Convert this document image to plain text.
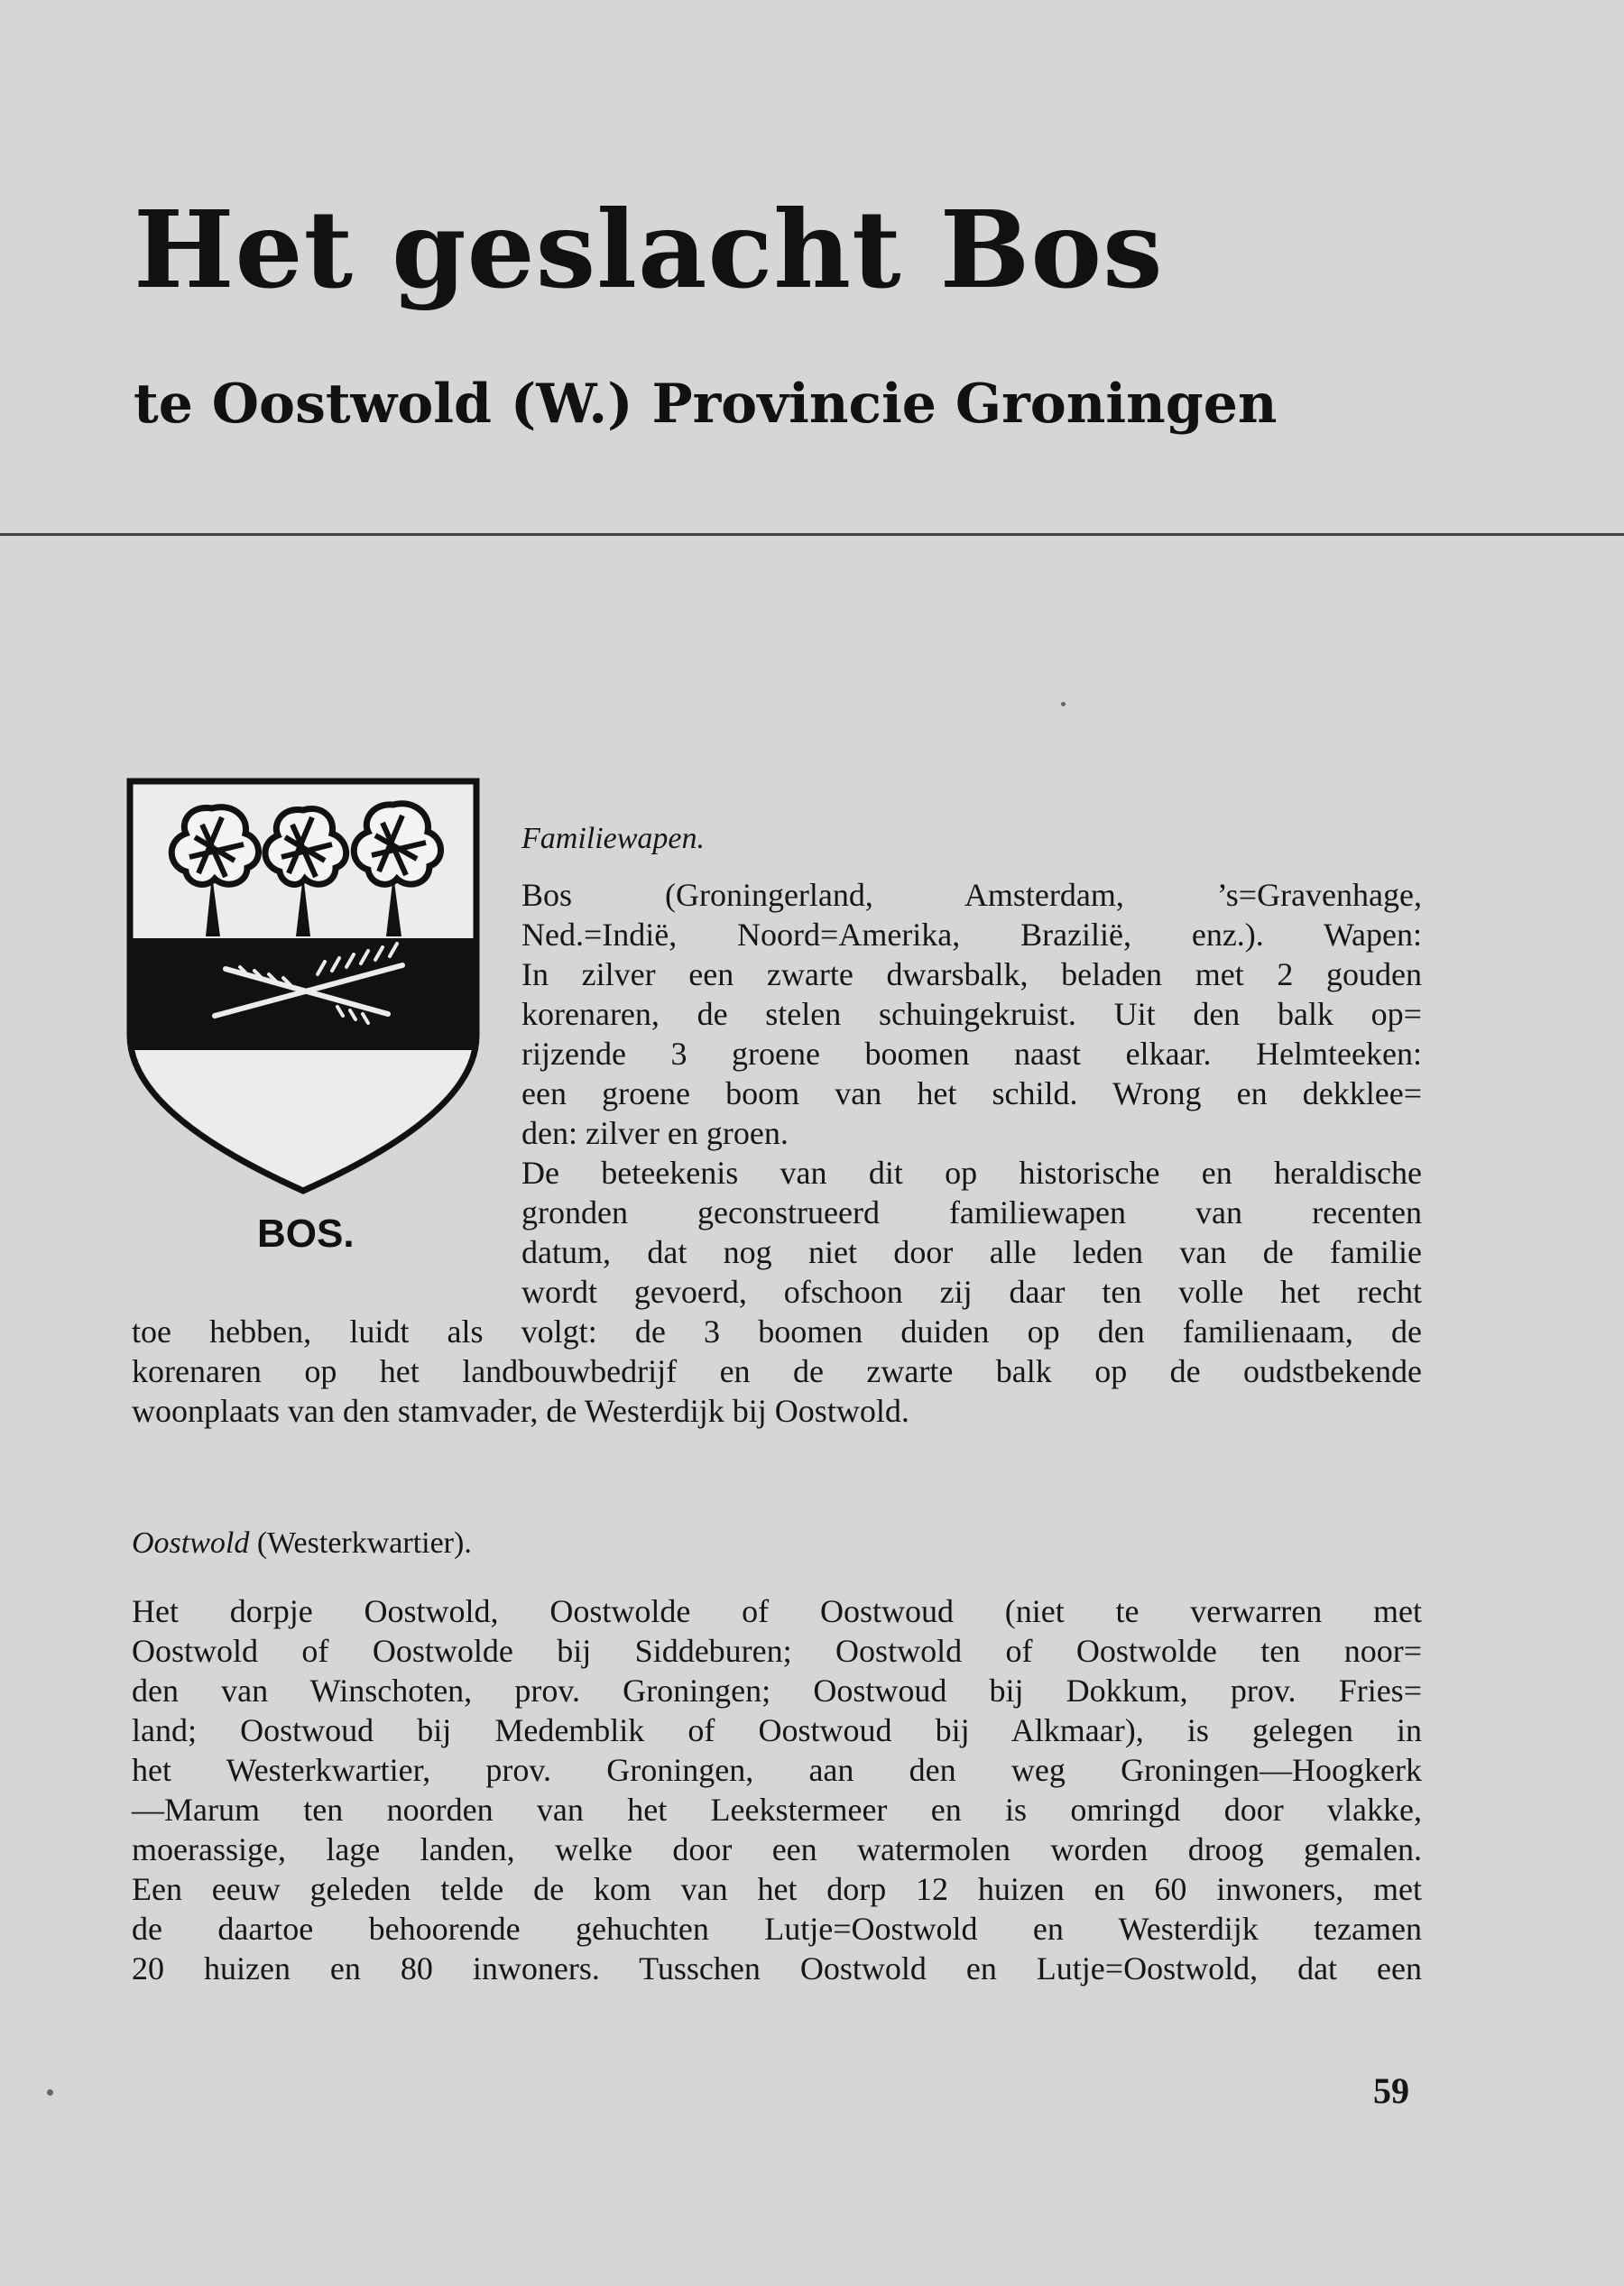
Het geslacht Bos
te Oostwold (W.) Provincie Groningen
BOS.
Familiewapen.
Bos (Groningerland, Amsterdam, ’s=Gravenhage,
Ned.=Indië, Noord=Amerika, Brazilië, enz.). Wapen:
In zilver een zwarte dwarsbalk, beladen met 2 gouden
korenaren, de stelen schuingekruist. Uit den balk op=
rijzende 3 groene boomen naast elkaar. Helmteeken:
een groene boom van het schild. Wrong en dekklee=
den: zilver en groen.
De beteekenis van dit op historische en heraldische
gronden geconstrueerd familiewapen van recenten
datum, dat nog niet door alle leden van de familie
wordt gevoerd, ofschoon zij daar ten volle het recht
toe hebben, luidt als volgt: de 3 boomen duiden op den familienaam, de
korenaren op het landbouwbedrijf en de zwarte balk op de oudstbekende
woonplaats van den stamvader, de Westerdijk bij Oostwold.
Oostwold (Westerkwartier).
Het dorpje Oostwold, Oostwolde of Oostwoud (niet te verwarren met
Oostwold of Oostwolde bij Siddeburen; Oostwold of Oostwolde ten noor=
den van Winschoten, prov. Groningen; Oostwoud bij Dokkum, prov. Fries=
land; Oostwoud bij Medemblik of Oostwoud bij Alkmaar), is gelegen in
het Westerkwartier, prov. Groningen, aan den weg Groningen—Hoogkerk
—Marum ten noorden van het Leekstermeer en is omringd door vlakke,
moerassige, lage landen, welke door een watermolen worden droog gemalen.
Een eeuw geleden telde de kom van het dorp 12 huizen en 60 inwoners, met
de daartoe behoorende gehuchten Lutje=Oostwold en Westerdijk tezamen
20 huizen en 80 inwoners. Tusschen Oostwold en Lutje=Oostwold, dat een
59
